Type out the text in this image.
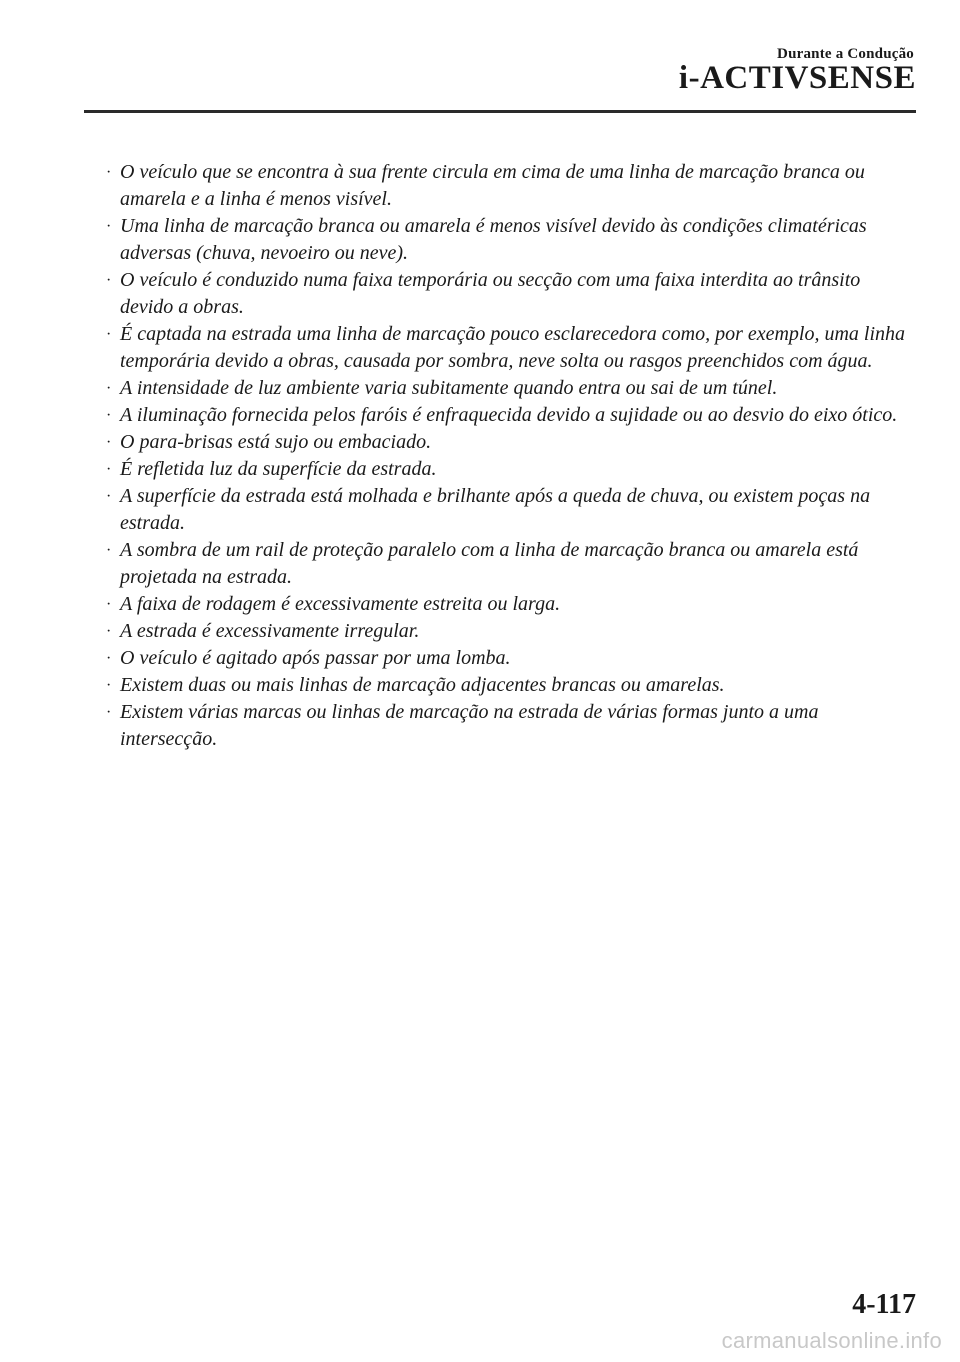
Durante a Condução
i-ACTIVSENSE
· O veículo que se encontra à sua frente circula em cima de uma linha de marcação branca ou amarela e a linha é menos visível.
· Uma linha de marcação branca ou amarela é menos visível devido às condições climatéricas adversas (chuva, nevoeiro ou neve).
· O veículo é conduzido numa faixa temporária ou secção com uma faixa interdita ao trânsito devido a obras.
· É captada na estrada uma linha de marcação pouco esclarecedora como, por exemplo, uma linha temporária devido a obras, causada por sombra, neve solta ou rasgos preenchidos com água.
· A intensidade de luz ambiente varia subitamente quando entra ou sai de um túnel.
· A iluminação fornecida pelos faróis é enfraquecida devido a sujidade ou ao desvio do eixo ótico.
· O para-brisas está sujo ou embaciado.
· É refletida luz da superfície da estrada.
· A superfície da estrada está molhada e brilhante após a queda de chuva, ou existem poças na estrada.
· A sombra de um rail de proteção paralelo com a linha de marcação branca ou amarela está projetada na estrada.
· A faixa de rodagem é excessivamente estreita ou larga.
· A estrada é excessivamente irregular.
· O veículo é agitado após passar por uma lomba.
· Existem duas ou mais linhas de marcação adjacentes brancas ou amarelas.
· Existem várias marcas ou linhas de marcação na estrada de várias formas junto a uma intersecção.
4-117
carmanualsonline.info
